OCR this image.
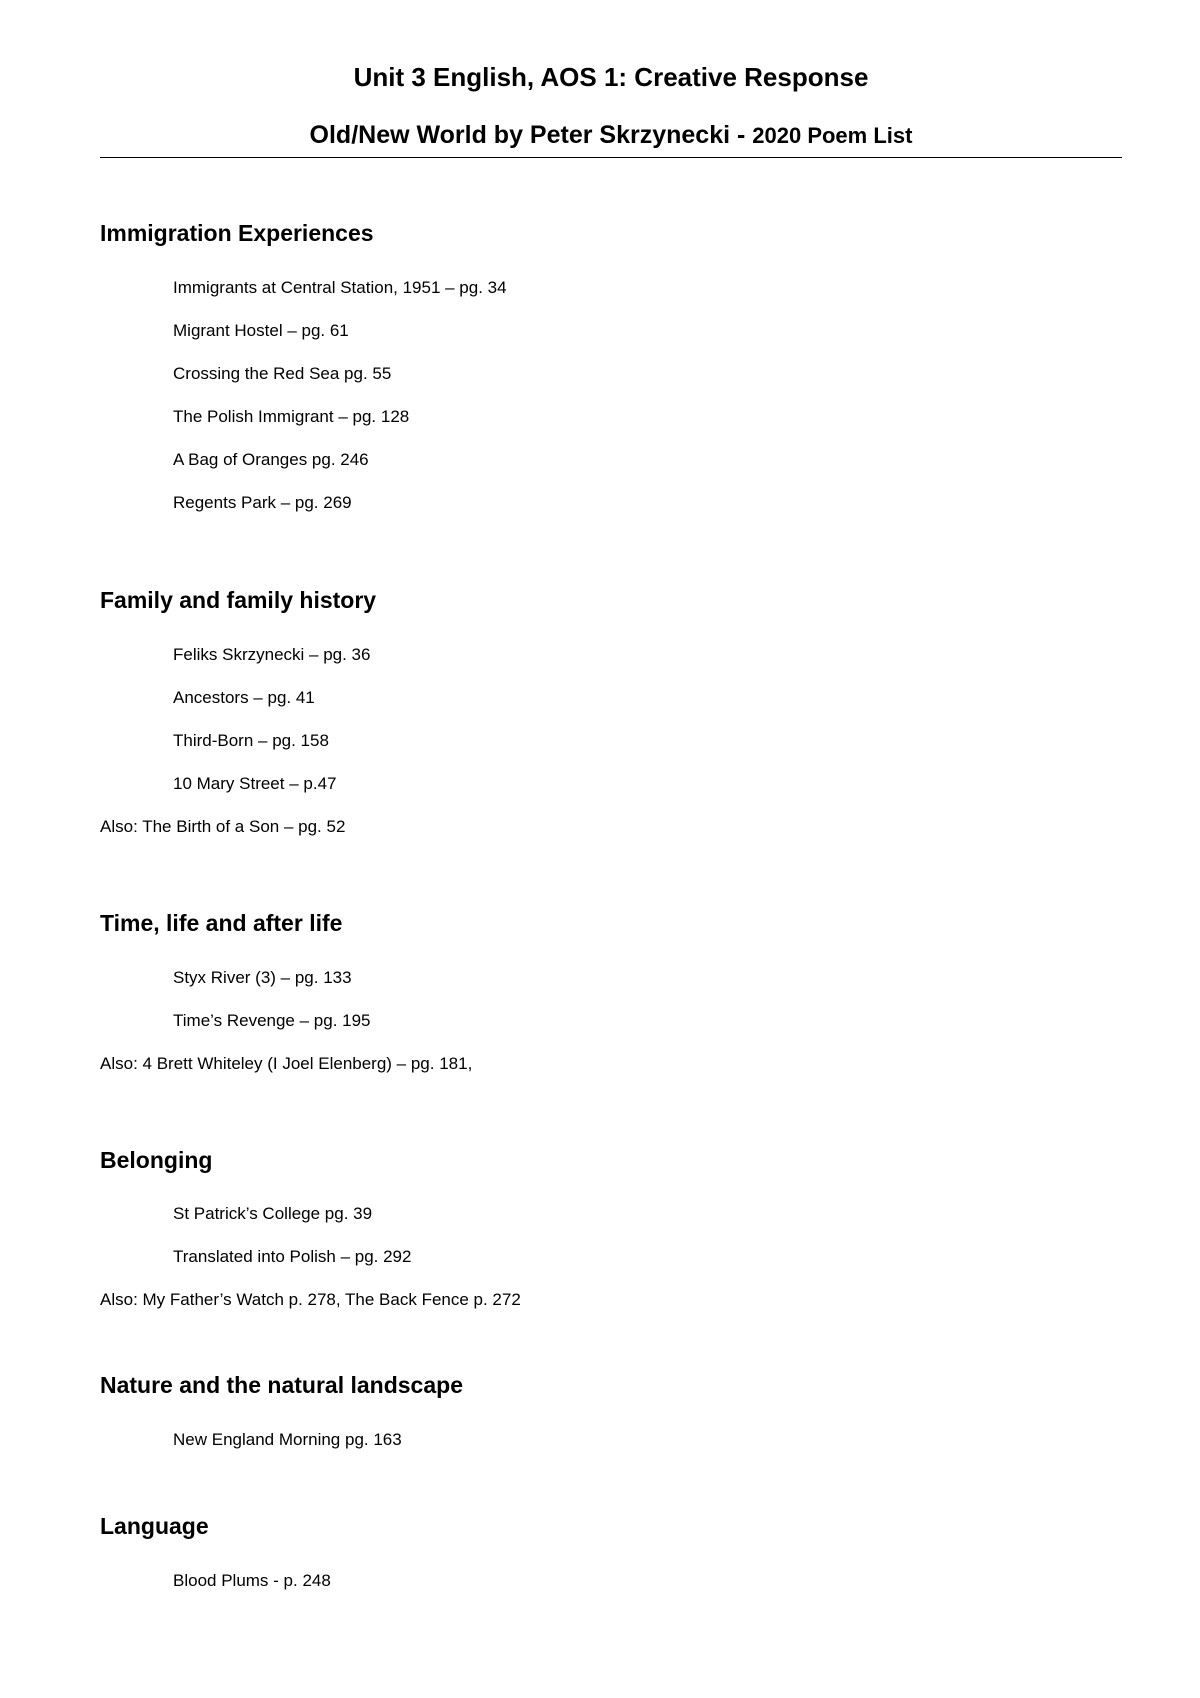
Unit 3 English, AOS 1: Creative Response
Old/New World by Peter Skrzynecki - 2020 Poem List
Immigration Experiences
Immigrants at Central Station, 1951 – pg. 34
Migrant Hostel – pg. 61
Crossing the Red Sea pg. 55
The Polish Immigrant – pg. 128
A Bag of Oranges pg. 246
Regents Park – pg. 269
Family and family history
Feliks Skrzynecki – pg. 36
Ancestors – pg. 41
Third-Born – pg. 158
10 Mary Street – p.47
Also: The Birth of a Son – pg. 52
Time, life and after life
Styx River (3) – pg. 133
Time’s Revenge – pg. 195
Also: 4 Brett Whiteley (I Joel Elenberg) – pg. 181,
Belonging
St Patrick’s College pg. 39
Translated into Polish – pg. 292
Also: My Father’s Watch p. 278, The Back Fence p. 272
Nature and the natural landscape
New England Morning pg. 163
Language
Blood Plums - p. 248
